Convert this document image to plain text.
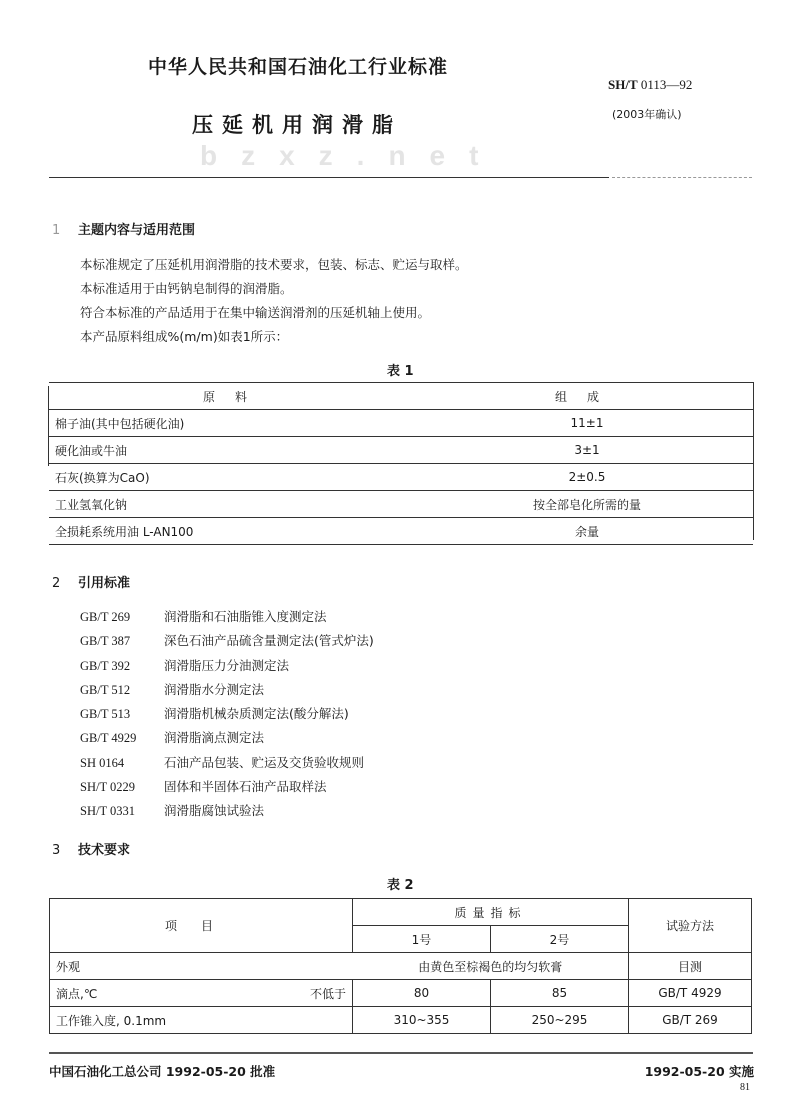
中华人民共和国石油化工行业标准
SH/T 0113—92
(2003年确认)
压延机用润滑脂
bzxz.net
1 主题内容与适用范围
本标准规定了压延机用润滑脂的技术要求，包装、标志、贮运与取样。
本标准适用于由钙钠皂制得的润滑脂。
符合本标准的产品适用于在集中输送润滑剂的压延机轴上使用。
本产品原料组成%(m/m)如表1所示：
表 1
原料	组成
棉子油(其中包括硬化油)	11±1
硬化油或牛油	3±1
石灰(换算为CaO)	2±0.5
工业氢氧化钠	按全部皂化所需的量
全损耗系统用油 L-AN100	余量
2 引用标准
GB/T 269	润滑脂和石油脂锥入度测定法
GB/T 387	深色石油产品硫含量测定法(管式炉法)
GB/T 392	润滑脂压力分油测定法
GB/T 512	润滑脂水分测定法
GB/T 513	润滑脂机械杂质测定法(酸分解法)
GB/T 4929 润滑脂滴点测定法
SH 0164	石油产品包装、贮运及交货验收规则
SH/T 0229 固体和半固体石油产品取样法
SH/T 0331 润滑脂腐蚀试验法
3 技术要求
表 2
项目		质量指标		试验方法
		1号	2号	
外观		由黄色至棕褐色的均匀软膏		目测
滴点,℃	不低于	80	85	GB/T 4929
工作锥入度, 0.1mm		310~355	250~295	GB/T 269
中国石油化工总公司 1992-05-20 批准	1992-05-20 实施
81
